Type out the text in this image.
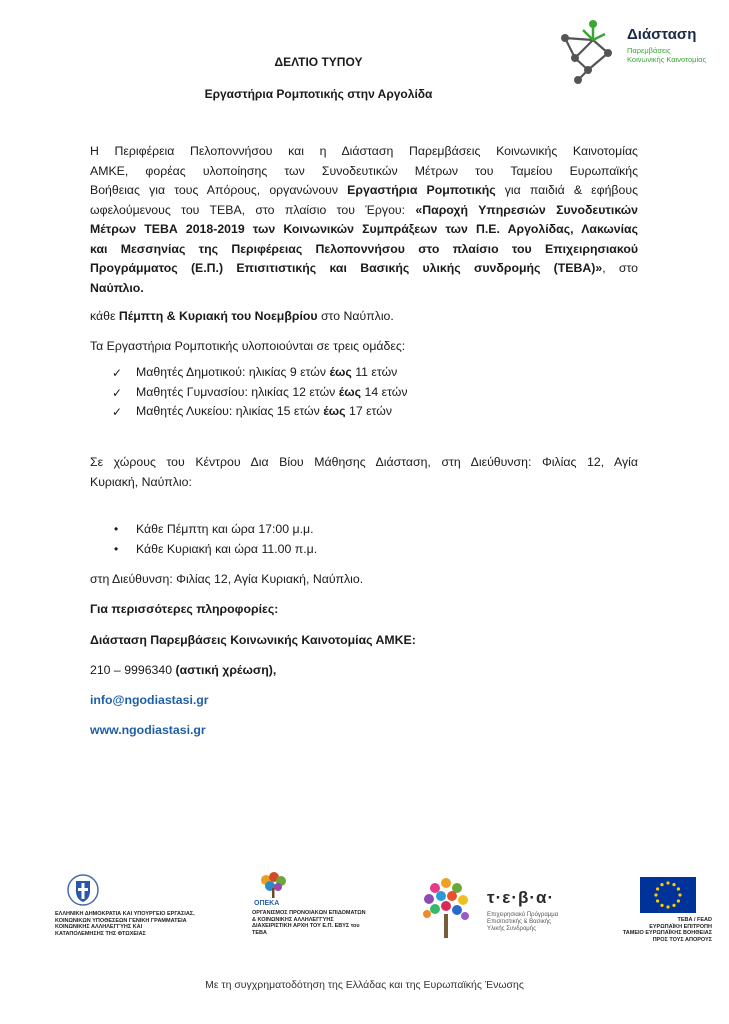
Διάσταση
Παρεμβάσεις
Κοινωνικής Καινοτομίας
ΔΕΛΤΙΟ ΤΥΠΟΥ
Εργαστήρια Ρομποτικής στην Αργολίδα
Η Περιφέρεια Πελοποννήσου και η Διάσταση Παρεμβάσεις Κοινωνικής Καινοτομίας
ΑΜΚΕ, φορέας υλοποίησης των Συνοδευτικών Μέτρων του Ταμείου Ευρωπαϊκής
Βοήθειας για τους Απόρους, οργανώνουν Εργαστήρια Ρομποτικής για παιδιά & εφήβους
ωφελούμενους του ΤΕΒΑ, στο πλαίσιο του Έργου: «Παροχή Υπηρεσιών Συνοδευτικών
Μέτρων ΤΕΒΑ 2018-2019 των Κοινωνικών Συμπράξεων των Π.Ε. Αργολίδας, Λακωνίας
και Μεσσηνίας της Περιφέρειας Πελοποννήσου στο πλαίσιο του Επιχειρησιακού
Προγράμματος (Ε.Π.) Επισιτιστικής και Βασικής υλικής συνδρομής (ΤΕΒΑ)», στο
Ναύπλιο.
κάθε Πέμπτη & Κυριακή του Νοεμβρίου στο Ναύπλιο.
Τα Εργαστήρια Ρομποτικής υλοποιούνται σε τρεις ομάδες:
✓ Μαθητές Δημοτικού: ηλικίας 9 ετών έως 11 ετών
✓ Μαθητές Γυμνασίου: ηλικίας 12 ετών έως 14 ετών
✓ Μαθητές Λυκείου: ηλικίας 15 ετών έως 17 ετών
Σε χώρους του Κέντρου Δια Βίου Μάθησης Διάσταση, στη Διεύθυνση: Φιλίας 12, Αγία
Κυριακή, Ναύπλιο:
• Κάθε Πέμπτη και ώρα 17:00 μ.μ.
• Κάθε Κυριακή και ώρα 11.00 π.μ.
στη Διεύθυνση: Φιλίας 12, Αγία Κυριακή, Ναύπλιο.
Για περισσότερες πληροφορίες:
Διάσταση Παρεμβάσεις Κοινωνικής Καινοτομίας ΑΜΚΕ:
210 – 9996340 (αστική χρέωση),
info@ngodiastasi.gr
www.ngodiastasi.gr
ΕΛΛΗΝΙΚΗ ΔΗΜΟΚΡΑΤΙΑ ΚΑΙ ΥΠΟΥΡΓΕΙΟ ΕΡΓΑΣΙΑΣ,
ΚΟΙΝΩΝΙΚΩΝ ΥΠΟΘΕΣΕΩΝ ΓΕΝΙΚΗ ΓΡΑΜΜΑΤΕΙΑ
ΚΟΙΝΩΝΙΚΗΣ ΑΛΛΗΛΕΓΓΥΗΣ ΚΑΙ
ΚΑΤΑΠΟΛΕΜΗΣΗΣ ΤΗΣ ΦΤΩΧΕΙΑΣ
ΟΠΕΚΑ
ΟΡΓΑΝΙΣΜΟΣ ΠΡΟΝΟΙΑΚΩΝ ΕΠΙΔΟΜΑΤΩΝ
& ΚΟΙΝΩΝΙΚΗΣ ΑΛΛΗΛΕΓΓΥΗΣ
ΔΙΑΧΕΙΡΙΣΤΙΚΗ ΑΡΧΗ ΤΟΥ Ε.Π. ΕΒΥΣ του
ΤΕΒΑ
τ·ε·β·α·
Επιχειρησιακό Πρόγραμμα
Επισιτιστικής & Βασικής
Υλικής Συνδρομής
ΤΕΒΑ / FEAD
ΕΥΡΩΠΑΪΚΗ ΕΠΙΤΡΟΠΗ
ΤΑΜΕΙΟ ΕΥΡΩΠΑΪΚΗΣ ΒΟΗΘΕΙΑΣ
ΠΡΟΣ ΤΟΥΣ ΑΠΟΡΟΥΣ
Με τη συγχρηματοδότηση της Ελλάδας και της Ευρωπαϊκής Ένωσης
